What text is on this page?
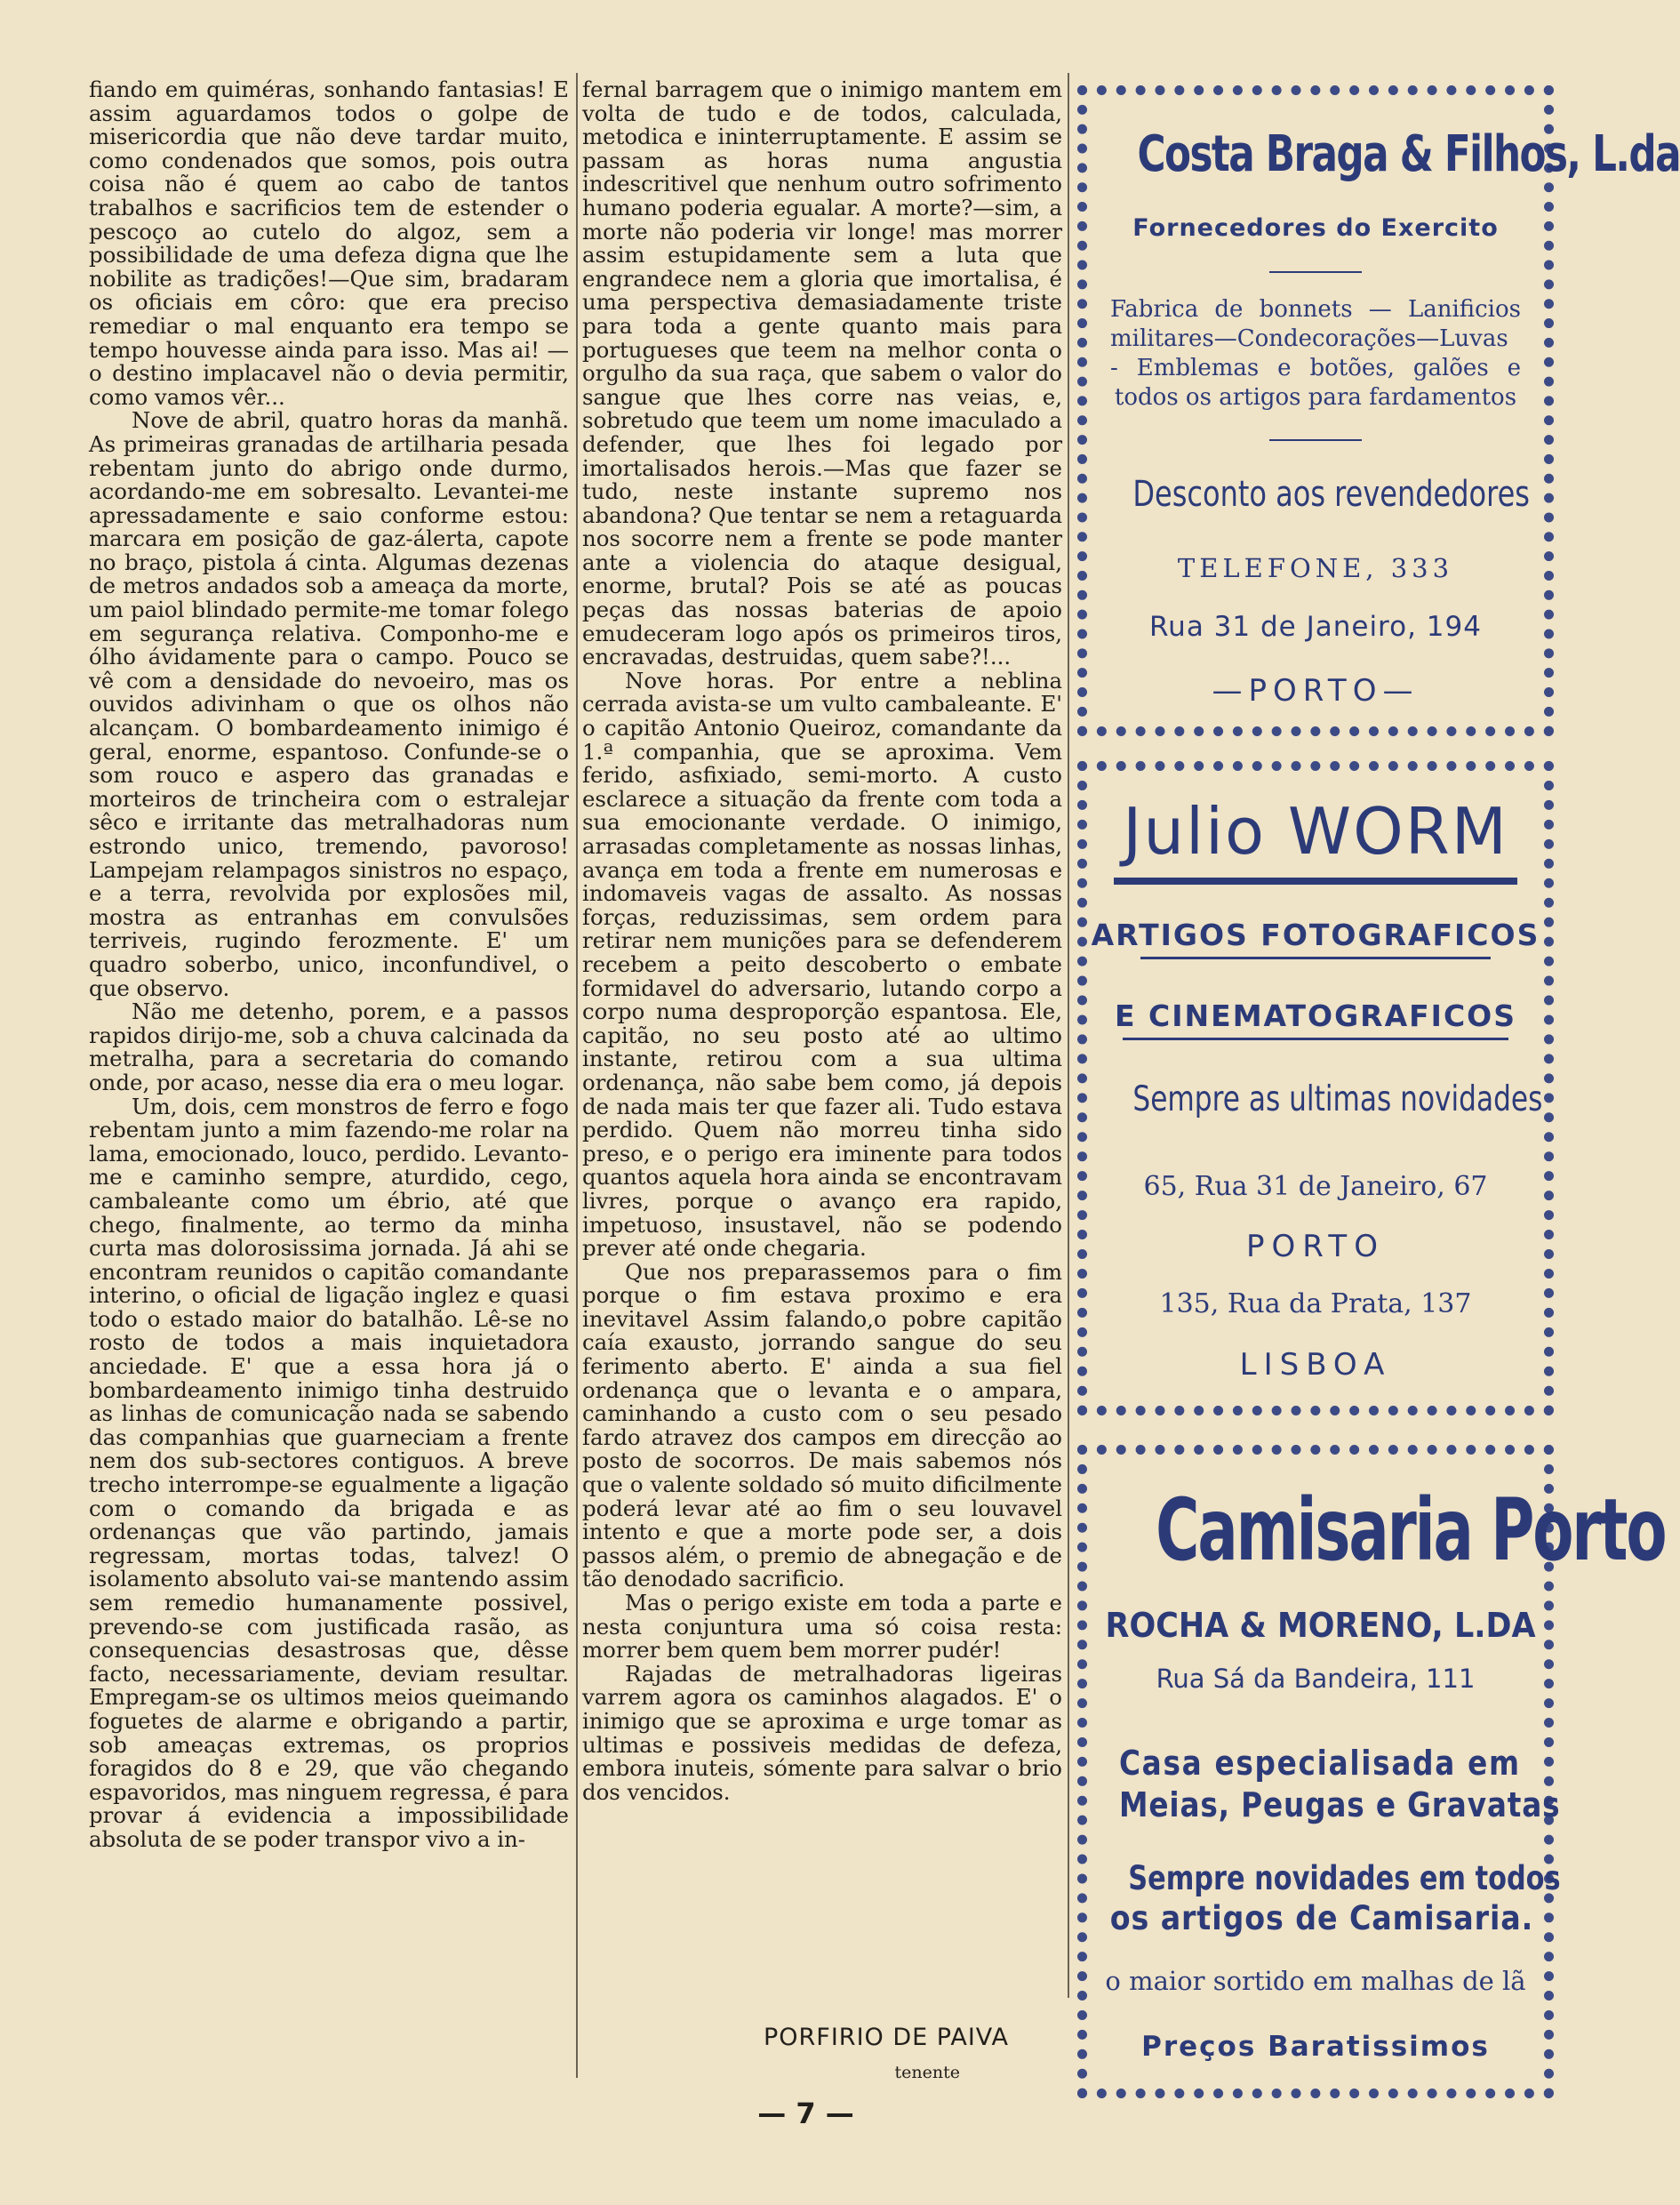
fiando em quiméras, sonhando fantasias! E assim aguardamos todos o golpe de misericordia que não deve tardar muito, como condenados que somos, pois outra coisa não é quem ao cabo de tantos trabalhos e sacrificios tem de estender o pescoço ao cutelo do algoz, sem a possibilidade de uma defeza digna que lhe nobilite as tradições!—Que sim, bradaram os oficiais em côro: que era preciso remediar o mal enquanto era tempo se tempo houvesse ainda para isso. Mas ai! —o destino implacavel não o devia permitir, como vamos vêr...

Nove de abril, quatro horas da manhã. As primeiras granadas de artilharia pesada rebentam junto do abrigo onde durmo, acordando-me em sobresalto. Levantei-me apressadamente e saio conforme estou: marcara em posição de gaz-álerta, capote no braço, pistola á cinta. Algumas dezenas de metros andados sob a ameaça da morte, um paiol blindado permite-me tomar folego em segurança relativa. Componho-me e ólho ávidamente para o campo. Pouco se vê com a densidade do nevoeiro, mas os ouvidos adivinham o que os olhos não alcançam. O bombardeamento inimigo é geral, enorme, espantoso. Confunde-se o som rouco e aspero das granadas e morteiros de trincheira com o estralejar sêco e irritante das metralhadoras num estrondo unico, tremendo, pavoroso! Lampejam relampagos sinistros no espaço, e a terra, revolvida por explosões mil, mostra as entranhas em convulsões terriveis, rugindo ferozmente. E' um quadro soberbo, unico, inconfundivel, o que observo.

Não me detenho, porem, e a passos rapidos dirijo-me, sob a chuva calcinada da metralha, para a secretaria do comando onde, por acaso, nesse dia era o meu logar.

Um, dois, cem monstros de ferro e fogo rebentam junto a mim fazendo-me rolar na lama, emocionado, louco, perdido. Levanto-me e caminho sempre, aturdido, cego, cambaleante como um ébrio, até que chego, finalmente, ao termo da minha curta mas dolorosissima jornada. Já ahi se encontram reunidos o capitão comandante interino, o oficial de ligação inglez e quasi todo o estado maior do batalhão. Lê-se no rosto de todos a mais inquietadora anciedade. E' que a essa hora já o bombardeamento inimigo tinha destruido as linhas de comunicação nada se sabendo das companhias que guarneciam a frente nem dos sub-sectores contiguos. A breve trecho interrompe-se egualmente a ligação com o comando da brigada e as ordenanças que vão partindo, jamais regressam, mortas todas, talvez! O isolamento absoluto vai-se mantendo assim sem remedio humanamente possivel, prevendo-se com justificada rasão, as consequencias desastrosas que, dêsse facto, necessariamente, deviam resultar. Empregam-se os ultimos meios queimando foguetes de alarme e obrigando a partir, sob ameaças extremas, os proprios foragidos do 8 e 29, que vão chegando espavoridos, mas ninguem regressa, é para provar á evidencia a impossibilidade absoluta de se poder transpor vivo a in-

fernal barragem que o inimigo mantem em volta de tudo e de todos, calculada, metodica e ininterruptamente. E assim se passam as horas numa angustia indescritivel que nenhum outro sofrimento humano poderia egualar. A morte?—sim, a morte não poderia vir longe! mas morrer assim estupidamente sem a luta que engrandece nem a gloria que imortalisa, é uma perspectiva demasiadamente triste para toda a gente quanto mais para portugueses que teem na melhor conta o orgulho da sua raça, que sabem o valor do sangue que lhes corre nas veias, e, sobretudo que teem um nome imaculado a defender, que lhes foi legado por imortalisados herois.—Mas que fazer se tudo, neste instante supremo nos abandona? Que tentar se nem a retaguarda nos socorre nem a frente se pode manter ante a violencia do ataque desigual, enorme, brutal? Pois se até as poucas peças das nossas baterias de apoio emudeceram logo após os primeiros tiros, encravadas, destruidas, quem sabe?!...

Nove horas. Por entre a neblina cerrada avista-se um vulto cambaleante. E' o capitão Antonio Queiroz, comandante da 1.ª companhia, que se aproxima. Vem ferido, asfixiado, semi-morto. A custo esclarece a situação da frente com toda a sua emocionante verdade. O inimigo, arrasadas completamente as nossas linhas, avança em toda a frente em numerosas e indomaveis vagas de assalto. As nossas forças, reduzissimas, sem ordem para retirar nem munições para se defenderem recebem a peito descoberto o embate formidavel do adversario, lutando corpo a corpo numa desproporção espantosa. Ele, capitão, no seu posto até ao ultimo instante, retirou com a sua ultima ordenança, não sabe bem como, já depois de nada mais ter que fazer ali. Tudo estava perdido. Quem não morreu tinha sido preso, e o perigo era iminente para todos quantos aquela hora ainda se encontravam livres, porque o avanço era rapido, impetuoso, insustavel, não se podendo prever até onde chegaria.

Que nos preparassemos para o fim porque o fim estava proximo e era inevitavel Assim falando,o pobre capitão caía exausto, jorrando sangue do seu ferimento aberto. E' ainda a sua fiel ordenança que o levanta e o ampara, caminhando a custo com o seu pesado fardo atravez dos campos em direcção ao posto de socorros. De mais sabemos nós que o valente soldado só muito dificilmente poderá levar até ao fim o seu louvavel intento e que a morte pode ser, a dois passos além, o premio de abnegação e de tão denodado sacrificio.

Mas o perigo existe em toda a parte e nesta conjuntura uma só coisa resta: morrer bem quem bem morrer pudér!

Rajadas de metralhadoras ligeiras varrem agora os caminhos alagados. E' o inimigo que se aproxima e urge tomar as ultimas e possiveis medidas de defeza, embora inuteis, sómente para salvar o brio dos vencidos.

PORFIRIO DE PAIVA
tenente
Costa Braga & Filhos, L.da
Fornecedores do Exercito
Fabrica de bonnets — Lanificios
militares—Condecorações—Luvas
- Emblemas e botões, galões e
todos os artigos para fardamentos
Desconto aos revendedores
TELEFONE, 333
Rua 31 de Janeiro, 194
—PORTO—
Julio WORM
ARTIGOS FOTOGRAFICOS
E CINEMATOGRAFICOS
Sempre as ultimas novidades
65, Rua 31 de Janeiro, 67
PORTO
135, Rua da Prata, 137
LISBOA
Camisaria Porto
ROCHA & MORENO, L.DA
Rua Sá da Bandeira, 111
Casa especialisada em
Meias, Peugas e Gravatas
Sempre novidades em todos
os artigos de Camisaria.
o maior sortido em malhas de lã
Preços Baratissimos
— 7 —
